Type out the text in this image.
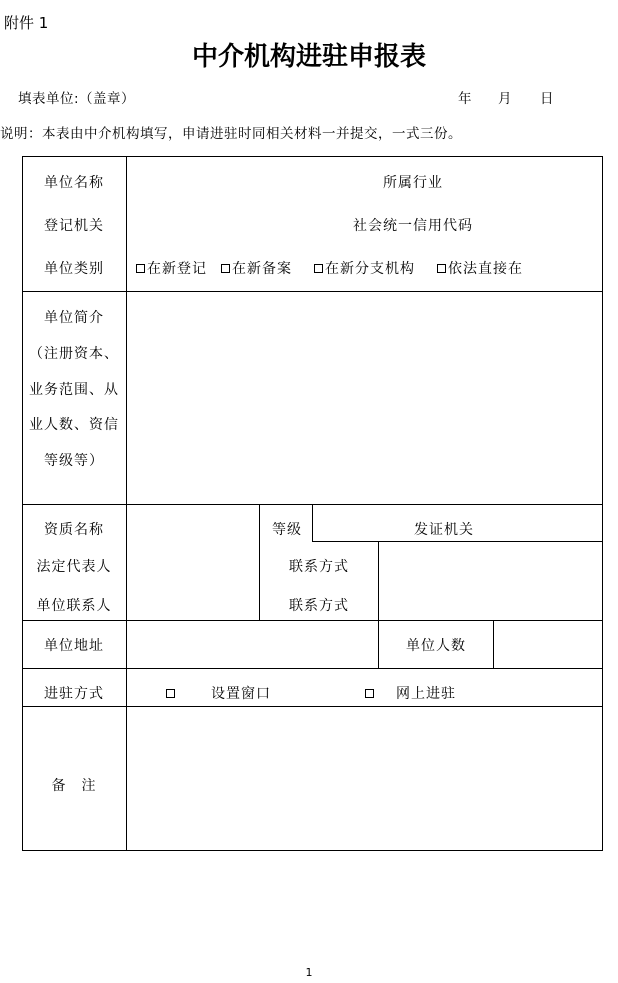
附件 1
中介机构进驻申报表
填表单位:（盖章）	年 月 日
说明：本表由中介机构填写，申请进驻时同相关材料一并提交，一式三份。
单位名称	所属行业
登记机关	社会统一信用代码
单位类别	在新登记	在新备案	在新分支机构	依法直接在
单位简介
（注册资本、
业务范围、从
业人数、资信
等级等）
资质名称	等级	发证机关
法定代表人	联系方式
单位联系人	联系方式
单位地址	单位人数
进驻方式	设置窗口	网上进驻
备　注
1
